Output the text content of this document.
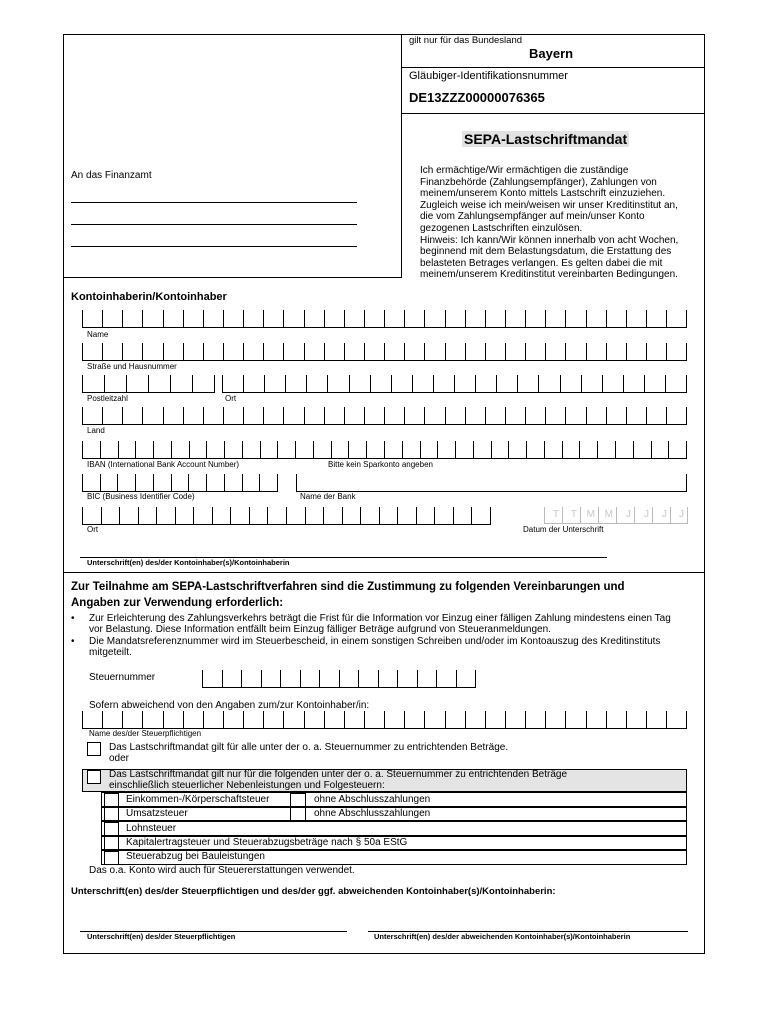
gilt nur für das Bundesland
Bayern
Gläubiger-Identifikationsnummer
DE13ZZZ00000076365
SEPA-Lastschriftmandat
Ich ermächtige/Wir ermächtigen die zuständige
Finanzbehörde (Zahlungsempfänger), Zahlungen von
meinem/unserem Konto mittels Lastschrift einzuziehen.
Zugleich weise ich mein/weisen wir unser Kreditinstitut an,
die vom Zahlungsempfänger auf mein/unser Konto
gezogenen Lastschriften einzulösen.
Hinweis: Ich kann/Wir können innerhalb von acht Wochen,
beginnend mit dem Belastungsdatum, die Erstattung des
belasteten Betrages verlangen. Es gelten dabei die mit
meinem/unserem Kreditinstitut vereinbarten Bedingungen.
An das Finanzamt
Kontoinhaberin/Kontoinhaber
Name
Straße und Hausnummer
Postleitzahl	Ort
Land
IBAN (International Bank Account Number)	Bitte kein Sparkonto angeben
BIC (Business Identifier Code)	Name der Bank
Ort
T	T M M	J	J	J	J
Datum der Unterschrift
Unterschrift(en) des/der Kontoinhaber(s)/Kontoinhaberin
Zur Teilnahme am SEPA-Lastschriftverfahren sind die Zustimmung zu folgenden Vereinbarungen und
Angaben zur Verwendung erforderlich:
• Zur Erleichterung des Zahlungsverkehrs beträgt die Frist für die Information vor Einzug einer fälligen Zahlung mindestens einen Tag
vor Belastung. Diese Information entfällt beim Einzug fälliger Beträge aufgrund von Steueranmeldungen.
• Die Mandatsreferenznummer wird im Steuerbescheid, in einem sonstigen Schreiben und/oder im Kontoauszug des Kreditinstituts
mitgeteilt.
Steuernummer
Sofern abweichend von den Angaben zum/zur Kontoinhaber/in:
Name des/der Steuerpflichtigen
Das Lastschriftmandat gilt für alle unter der o. a. Steuernummer zu entrichtenden Beträge.
oder
Das Lastschriftmandat gilt nur für die folgenden unter der o. a. Steuernummer zu entrichtenden Beträge
einschließlich steuerlicher Nebenleistungen und Folgesteuern:
Einkommen-/Körperschaftsteuer	ohne Abschlusszahlungen
Umsatzsteuer	ohne Abschlusszahlungen
Lohnsteuer
Kapitalertragsteuer und Steuerabzugsbeträge nach § 50a EStG
Steuerabzug bei Bauleistungen
Das o.a. Konto wird auch für Steuererstattungen verwendet.
Unterschrift(en) des/der Steuerpflichtigen und des/der ggf. abweichenden Kontoinhaber(s)/Kontoinhaberin:
Unterschrift(en) des/der Steuerpflichtigen	Unterschrift(en) des/der abweichenden Kontoinhaber(s)/Kontoinhaberin
